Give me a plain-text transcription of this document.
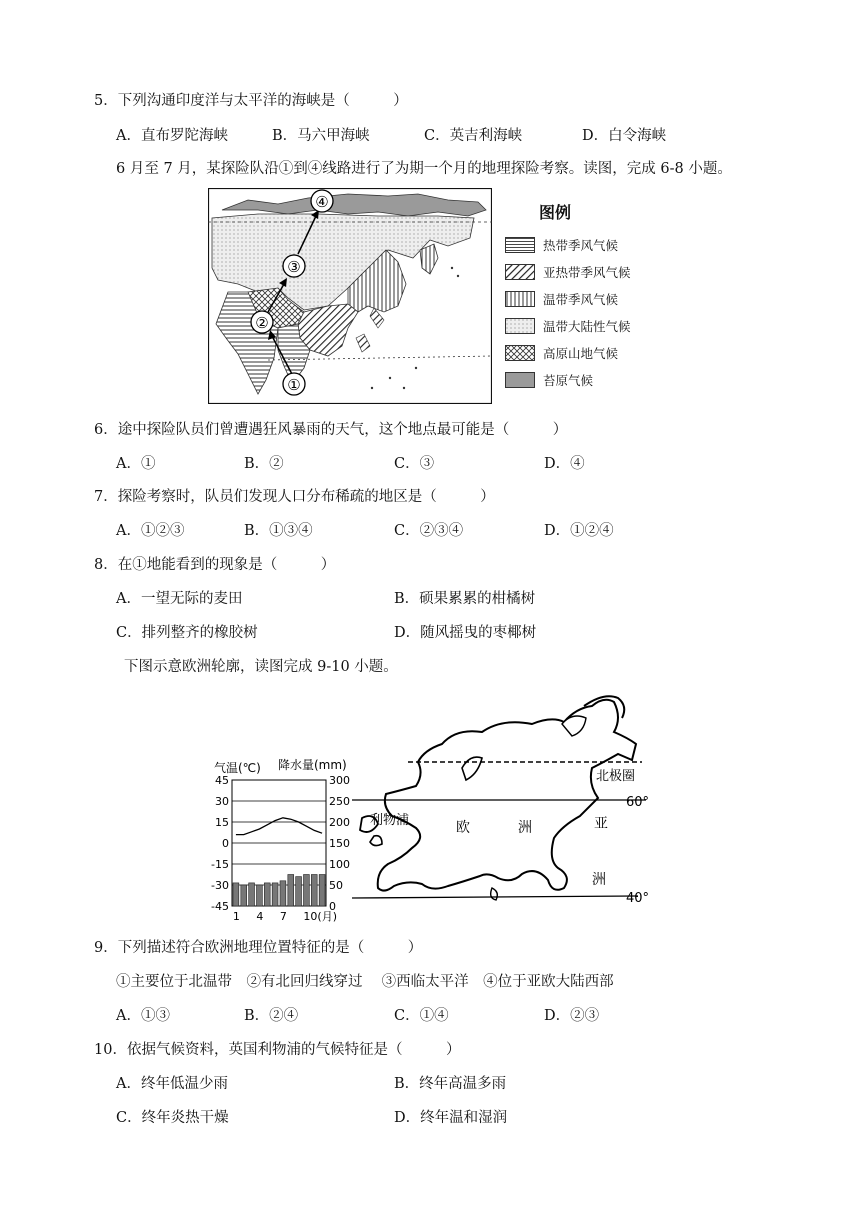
5．下列沟通印度洋与太平洋的海峡是（　　　）
A．直布罗陀海峡	B．马六甲海峡	C．英吉利海峡	D．白令海峡
6 月至 7 月，某探险队沿①到④线路进行了为期一个月的地理探险考察。读图，完成 6-8 小题。
①
②
③
④
图例
热带季风气候
亚热带季风气候
温带季风气候
温带大陆性气候
高原山地气候
苔原气候
6．途中探险队员们曾遭遇狂风暴雨的天气，这个地点最可能是（　　　）
A．①	B．②	C．③	D．④
7．探险考察时，队员们发现人口分布稀疏的地区是（　　　）
A．①②③	B．①③④	C．②③④	D．①②④
8．在①地能看到的现象是（　　　）
A．一望无际的麦田	B．硕果累累的柑橘树
C．排列整齐的橡胶树	D．随风摇曳的枣椰树
下图示意欧洲轮廓，读图完成 9-10 小题。
气温(℃) 降水量(mm)
45	300
30	250
15	200
0	150
-15	100
-30	50
-45	0
1 4 7 10(月)
北极圈
60°
40°
利物浦	欧	洲	亚
洲
9．下列描述符合欧洲地理位置特征的是（　　　）
①主要位于北温带　②有北回归线穿过　 ③西临太平洋　④位于亚欧大陆西部
A．①③	B．②④	C．①④	D．②③
10．依据气候资料，英国利物浦的气候特征是（　　　）
A．终年低温少雨	B．终年高温多雨
C．终年炎热干燥	D．终年温和湿润
